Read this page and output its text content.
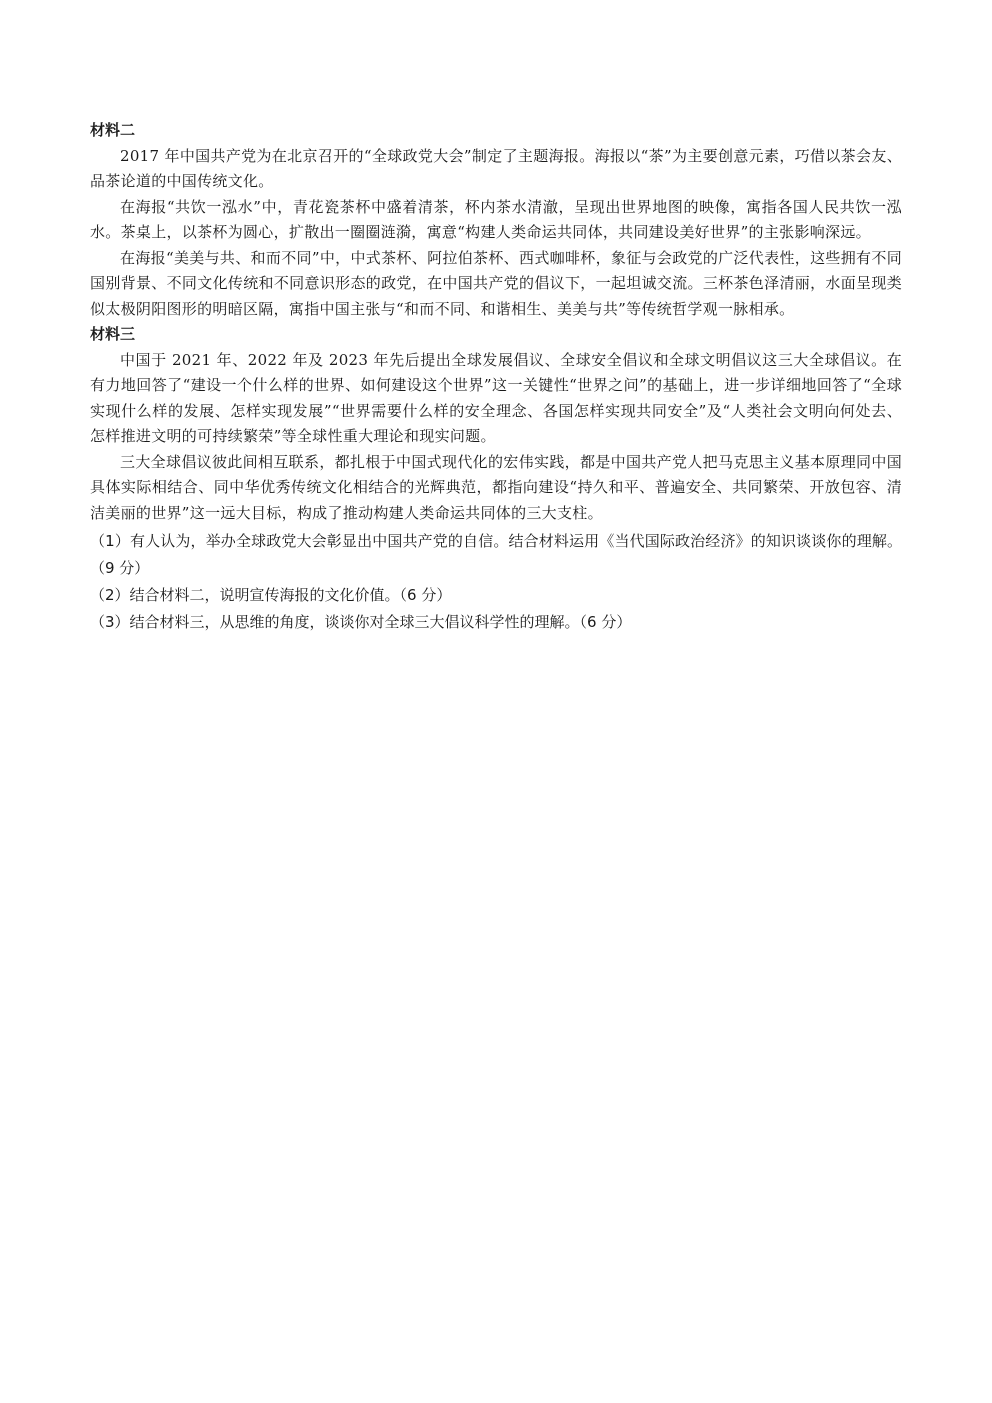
材料二

2017 年中国共产党为在北京召开的“全球政党大会”制定了主题海报。海报以“茶”为主要创意元素，巧借以茶会友、品茶论道的中国传统文化。

在海报“共饮一泓水”中，青花瓷茶杯中盛着清茶，杯内茶水清澈，呈现出世界地图的映像，寓指各国人民共饮一泓水。茶桌上，以茶杯为圆心，扩散出一圈圈涟漪，寓意“构建人类命运共同体，共同建设美好世界”的主张影响深远。

在海报“美美与共、和而不同”中，中式茶杯、阿拉伯茶杯、西式咖啡杯，象征与会政党的广泛代表性，这些拥有不同国别背景、不同文化传统和不同意识形态的政党，在中国共产党的倡议下，一起坦诚交流。三杯茶色泽清丽，水面呈现类似太极阴阳图形的明暗区隔，寓指中国主张与“和而不同、和谐相生、美美与共”等传统哲学观一脉相承。

材料三

中国于 2021 年、2022 年及 2023 年先后提出全球发展倡议、全球安全倡议和全球文明倡议这三大全球倡议。在有力地回答了“建设一个什么样的世界、如何建设这个世界”这一关键性“世界之问”的基础上，进一步详细地回答了“全球实现什么样的发展、怎样实现发展”“世界需要什么样的安全理念、各国怎样实现共同安全”及“人类社会文明向何处去、怎样推进文明的可持续繁荣”等全球性重大理论和现实问题。

三大全球倡议彼此间相互联系，都扎根于中国式现代化的宏伟实践，都是中国共产党人把马克思主义基本原理同中国具体实际相结合、同中华优秀传统文化相结合的光辉典范，都指向建设“持久和平、普遍安全、共同繁荣、开放包容、清洁美丽的世界”这一远大目标，构成了推动构建人类命运共同体的三大支柱。

（1）有人认为，举办全球政党大会彰显出中国共产党的自信。结合材料运用《当代国际政治经济》的知识谈谈你的理解。（9 分）

（2）结合材料二，说明宣传海报的文化价值。（6 分）

（3）结合材料三，从思维的角度，谈谈你对全球三大倡议科学性的理解。（6 分）
